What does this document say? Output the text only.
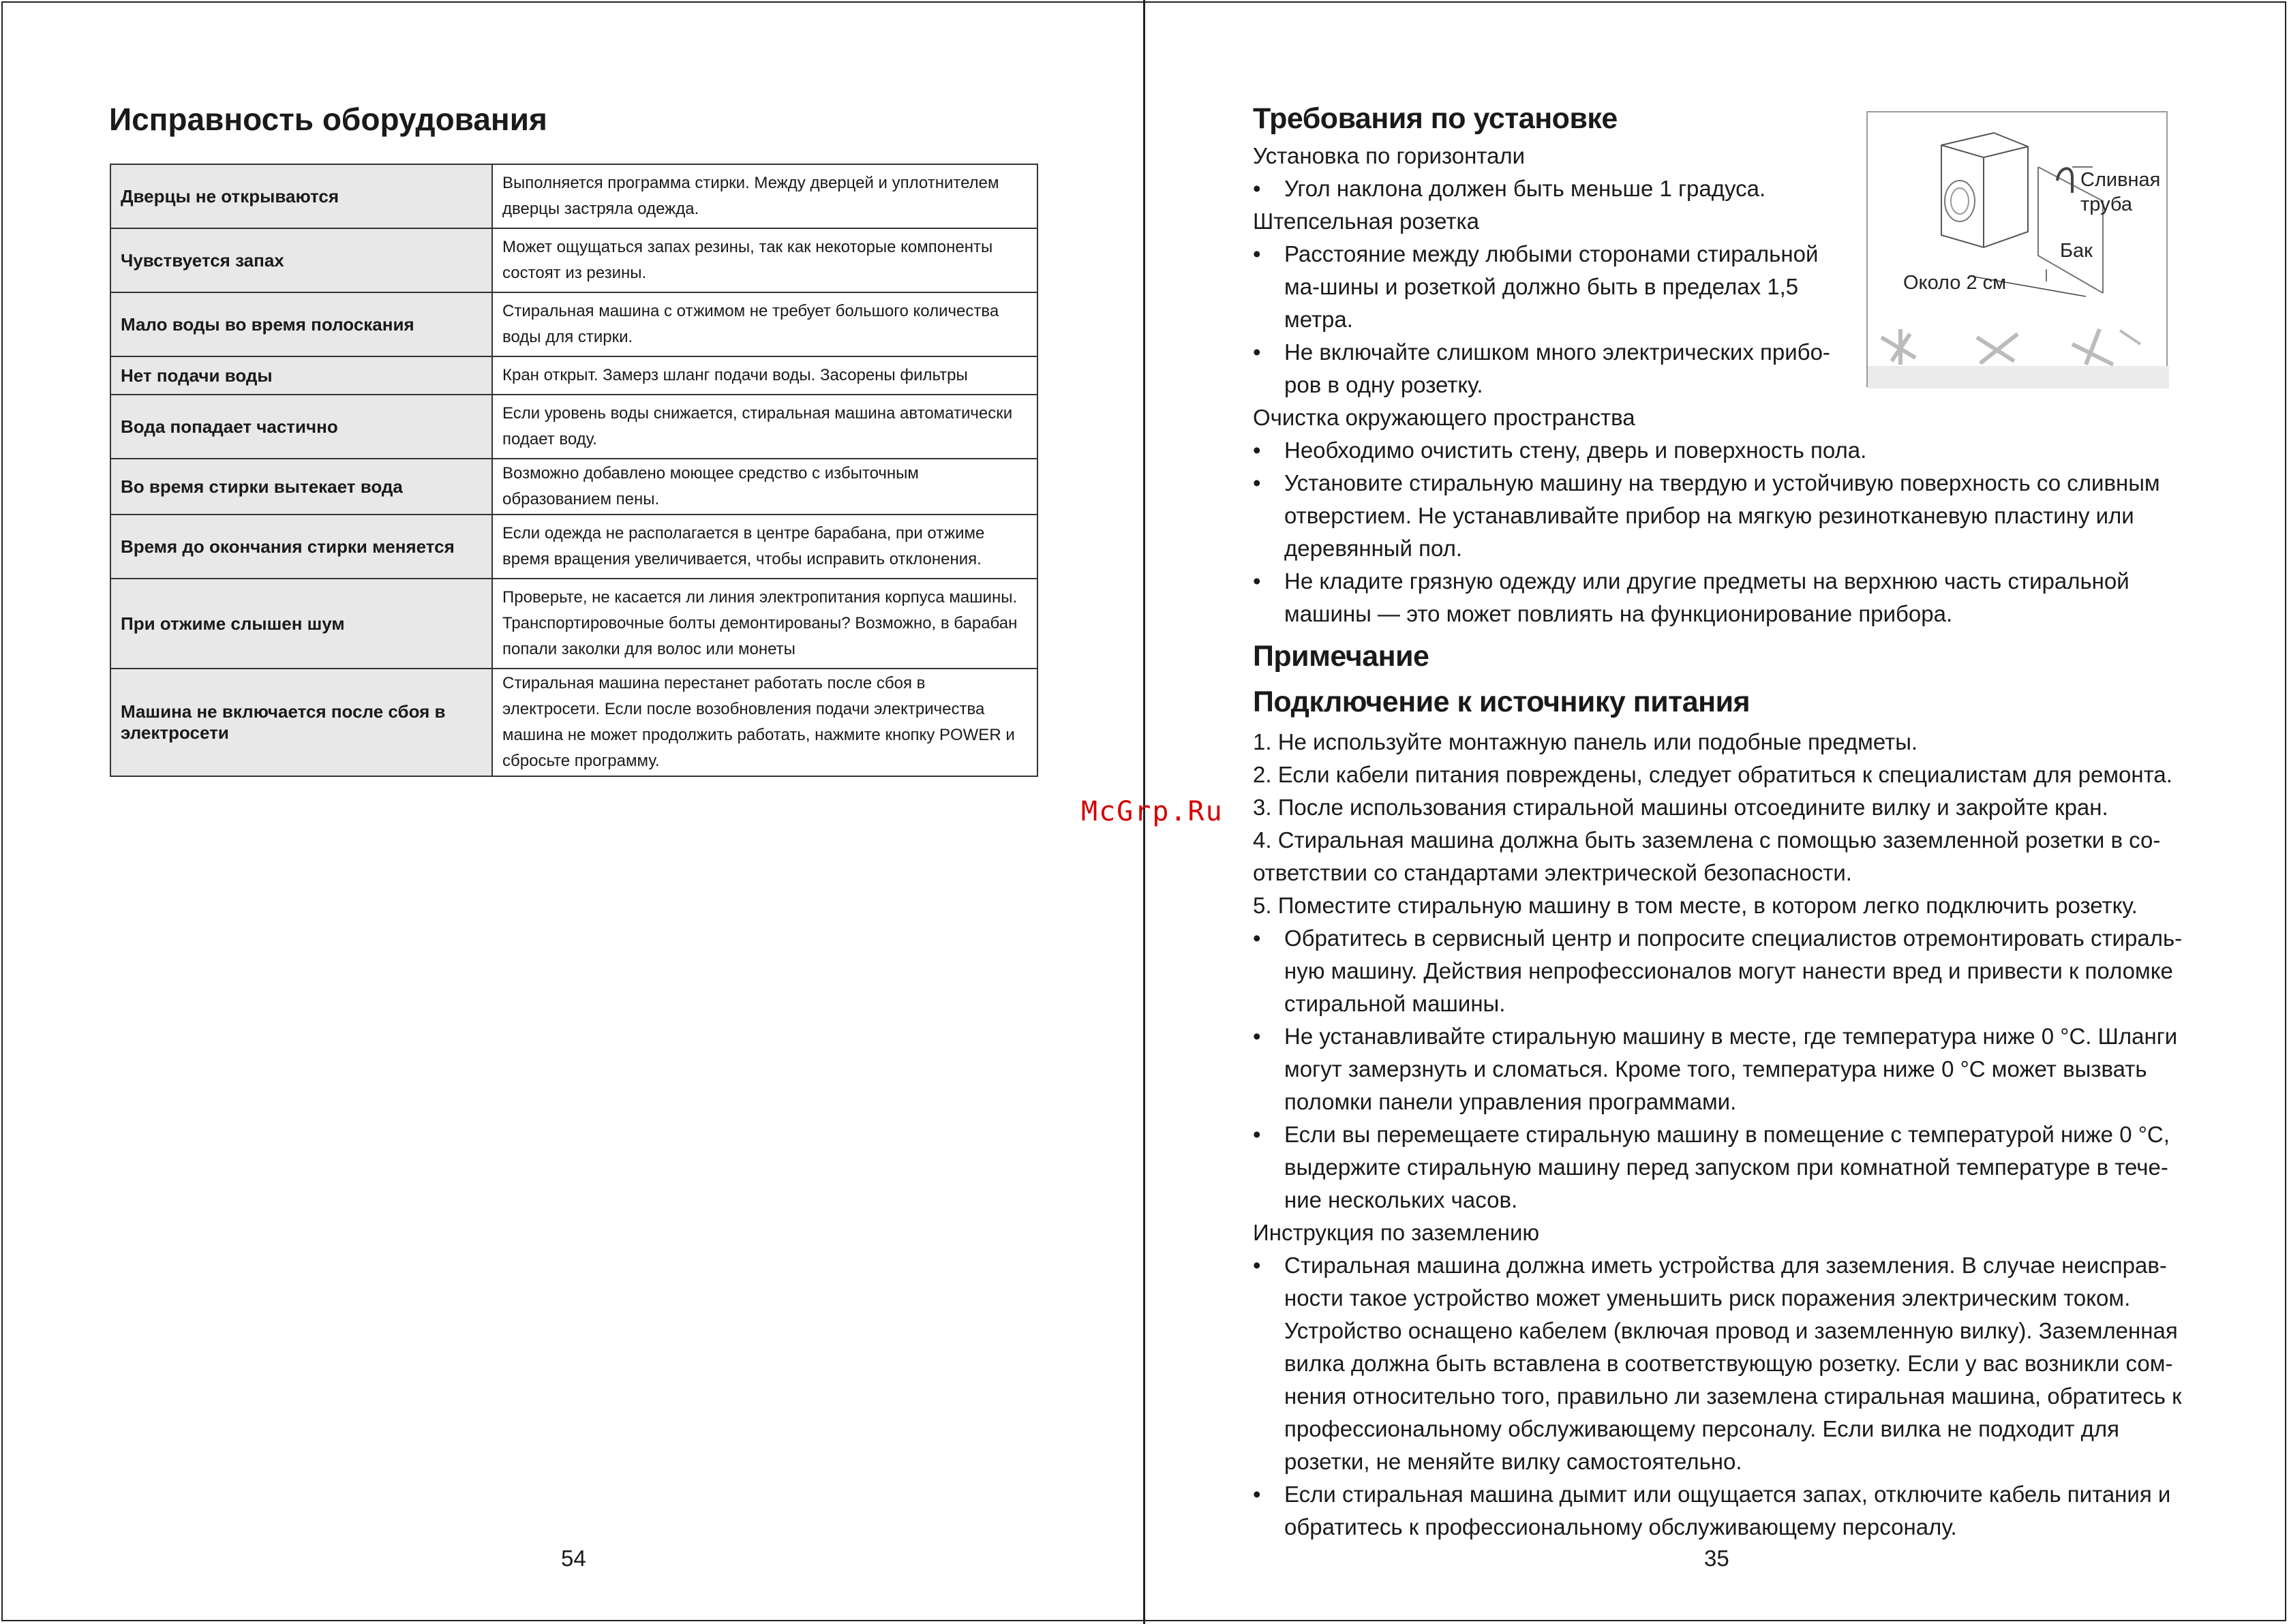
Исправность оборудования
Дверцы не открываются	Выполняется программа стирки. Между дверцей и уплотнителем дверцы застряла одежда.
Чувствуется запах	Может ощущаться запах резины, так как некоторые компоненты состоят из резины.
Мало воды во время полоскания	Стиральная машина с отжимом не требует большого количества воды для стирки.
Нет подачи воды	Кран открыт. Замерз шланг подачи воды. Засорены фильтры
Вода попадает частично	Если уровень воды снижается, стиральная машина автоматически подает воду.
Во время стирки вытекает вода	Возможно добавлено моющее средство с избыточным образованием пены.
Время до окончания стирки меняется	Если одежда не располагается в центре барабана, при отжиме время вращения увеличивается, чтобы исправить отклонения.
При отжиме слышен шум	Проверьте, не касается ли линия электропитания корпуса машины. Транспортировочные болты демонтированы? Возможно, в барабан попали заколки для волос или монеты
Машина не включается после сбоя в электросети	Стиральная машина перестанет работать после сбоя в электросети. Если после возобновления подачи электричества машина не может продолжить работать, нажмите кнопку POWER и сбросьте программу.
54
McGrp.Ru
Сливная труба
Бак
Около 2 см
Требования по установке

Установка по горизонтали

• Угол наклона должен быть меньше 1 градуса.

Штепсельная розетка

• Расстояние между любыми сторонами стиральной ма-шины и розеткой должно быть в пределах 1,5 метра.
• Не включайте слишком много электрических прибо-ров в одну розетку.

Очистка окружающего пространства

• Необходимо очистить стену, дверь и поверхность пола.
• Установите стиральную машину на твердую и устойчивую поверхность со сливным отверстием. Не устанавливайте прибор на мягкую резинотканевую пластину или деревянный пол.
• Не кладите грязную одежду или другие предметы на верхнюю часть стиральной машины — это может повлиять на функционирование прибора.
Примечание
Подключение к источнику питания

1. Не используйте монтажную панель или подобные предметы.

2. Если кабели питания повреждены, следует обратиться к специалистам для ремонта.

3. После использования стиральной машины отсоедините вилку и закройте кран.

4. Стиральная машина должна быть заземлена с помощью заземленной розетки в со-ответствии со стандартами электрической безопасности.

5. Поместите стиральную машину в том месте, в котором легко подключить розетку.

• Обратитесь в сервисный центр и попросите специалистов отремонтировать стираль-ную машину. Действия непрофессионалов могут нанести вред и привести к поломке стиральной машины.
• Не устанавливайте стиральную машину в месте, где температура ниже 0 °C. Шланги могут замерзнуть и сломаться. Кроме того, температура ниже 0 °C может вызвать поломки панели управления программами.
• Если вы перемещаете стиральную машину в помещение с температурой ниже 0 °C, выдержите стиральную машину перед запуском при комнатной температуре в тече-ние нескольких часов.

Инструкция по заземлению

• Стиральная машина должна иметь устройства для заземления. В случае неисправ-ности такое устройство может уменьшить риск поражения электрическим током. Устройство оснащено кабелем (включая провод и заземленную вилку). Заземленная вилка должна быть вставлена в соответствующую розетку. Если у вас возникли сом-нения относительно того, правильно ли заземлена стиральная машина, обратитесь к профессиональному обслуживающему персоналу. Если вилка не подходит для розетки, не меняйте вилку самостоятельно.
• Если стиральная машина дымит или ощущается запах, отключите кабель питания и обратитесь к профессиональному обслуживающему персоналу.
35
